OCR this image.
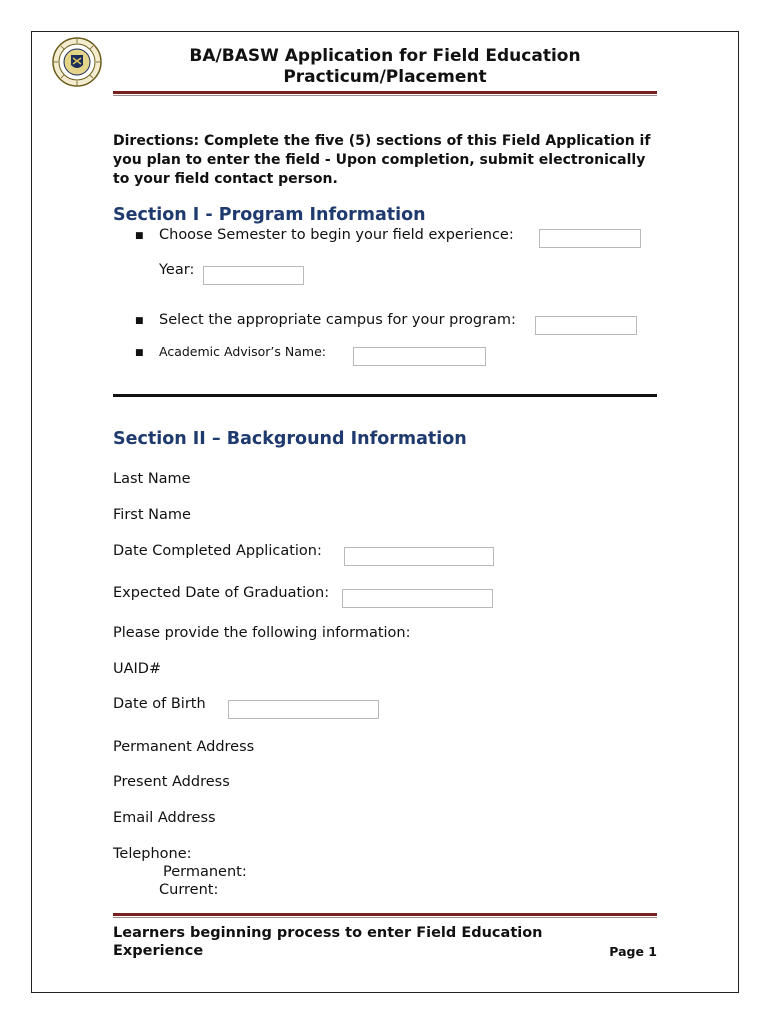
BA/BASW Application for Field Education
Practicum/Placement
Directions: Complete the five (5) sections of this Field Application if you plan to enter the field - Upon completion, submit electronically to your field contact person.
Section I - Program Information
■ Choose Semester to begin your field experience:
Year:
■ Select the appropriate campus for your program:
■ Academic Advisor’s Name:
Section II – Background Information
Last Name
First Name
Date Completed Application:
Expected Date of Graduation:
Please provide the following information:
UAID#
Date of Birth
Permanent Address
Present Address
Email Address
Telephone:
Permanent:
Current:
Learners beginning process to enter Field Education
Experience	Page 1
